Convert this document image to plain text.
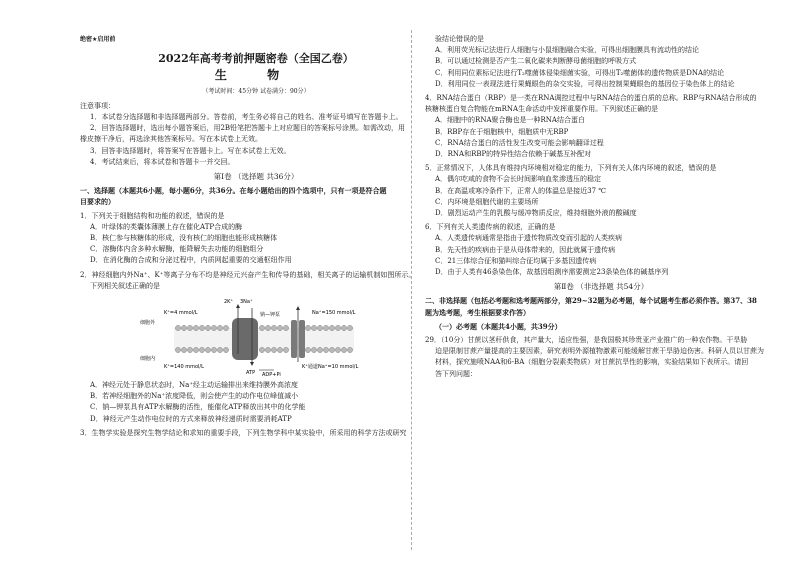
绝密★启用前
2022年高考考前押题密卷（全国乙卷）
生 物
（考试时间：45分钟 试卷满分：90分）

注意事项：

1．本试卷分选择题和非选择题两部分。答卷前，考生务必将自己的姓名、准考证号填写在答题卡上。

2．回答选择题时，选出每小题答案后，用2B铅笔把答题卡上对应题目的答案标号涂黑。如需改动，用

橡皮擦干净后，再选涂其他答案标号。写在本试卷上无效。

3．回答非选择题时，将答案写在答题卡上。写在本试卷上无效。

4．考试结束后，将本试卷和答题卡一并交回。

第Ⅰ卷 （选择题 共36分）

一、选择题（本题共6小题，每小题6分，共36分。在每小题给出的四个选项中，只有一项是符合题

目要求的）

1．下列关于细胞结构和功能的叙述，错误的是

A．叶绿体的类囊体薄膜上存在催化ATP合成的酶

B．核仁参与核糖体的形成，没有核仁的细胞也能形成核糖体

C．溶酶体内含多种水解酶，能降解失去功能的细胞组分

D．在消化酶的合成和分泌过程中，内质网起重要的交通枢纽作用

2．神经细胞内外Na⁺、K⁺等离子分布不均是神经元兴奋产生和传导的基础，相关离子的运输机制如图所示。

下列相关叙述正确的是

细胞外
细胞内
K⁺=4 mmol/L
K⁺=140 mmol/L
Na⁺=150 mmol/L
Na⁺=10 mmol/L
钠—钾泵
K⁺通道
2K⁺ 3Na⁺
ATP ADP+Pi

A．神经元处于静息状态时，Na⁺经主动运输排出来维持膜外高浓度

B．若神经细胞外的Na⁺浓度降低，则会使产生的动作电位峰值减小

C．钠—钾泵具有ATP水解酶的活性，能催化ATP释放出其中的化学能

D．神经元产生动作电位时的方式来释放神经递质时需要消耗ATP

3．生物学实验是探究生物学结论和求知的重要手段，下列生物学科中某实验中，所采用的科学方法或研究

验结论错误的是

A．利用荧光标记法进行人细胞与小鼠细胞融合实验，可得出细胞膜具有流动性的结论

B．可以通过检测是否产生二氧化碳来判断酵母菌细胞的呼吸方式

C．利用同位素标记法进行T₂噬菌体侵染细菌实验，可得出T₂噬菌体的遗传物质是DNA的结论

D．利用同位一表现法进行果蝇眼色的杂交实验，可得出控制果蝇眼色的基因位于染色体上的结论

4．RNA结合蛋白（RBP）是一类在RNA调控过程中与RNA结合的蛋白质的总称。RBP与RNA结合形成的

核糖核蛋白复合物能在mRNA生命活动中发挥重要作用。下列叙述正确的是

A．细胞中的RNA聚合酶也是一种RNA结合蛋白

B．RBP存在于细胞核中，细胞质中无RBP

C．RNA结合蛋白的活性发生改变可能会影响翻译过程

D．RNA和RBP的特异性结合依赖于碱基互补配对

5．正常情况下，人体具有维持内环境相对稳定的能力，下列有关人体内环境的叙述，错误的是

A．偶尔吃咸的食物不会长时间影响血浆渗透压的稳定

B．在高温或寒冷条件下，正常人的体温总是接近37 ℃

C．内环境是细胞代谢的主要场所

D．剧烈运动产生的乳酸与缓冲物质反应，维持细胞外液的酸碱度

6．下列有关人类遗传病的叙述，正确的是

A．人类遗传病通常是指由于遗传物质改变而引起的人类疾病

B．先天性的疾病由于是从母体带来的，因此就属于遗传病

C．21三体综合征和猫叫综合征均属于多基因遗传病

D．由于人类有46条染色体，故基因组测序需要测定23条染色体的碱基序列

第Ⅱ卷 （非选择题 共54分）

二、非选择题（包括必考题和选考题两部分，第29~32题为必考题，每个试题考生都必须作答。第37、38

题为选考题，考生根据要求作答）

（一）必考题（本题共4小题，共39分）

29．（10分）甘蔗以茎秆供食，其产量大，适应性强，是我国极其珍贵亚产业推广的一种农作物。干旱胁

迫是限制甘蔗产量提高的主要因素，研究表明外源植物激素可能缓解甘蔗干旱胁迫伤害。科研人员以甘蔗为

材料，探究施喷NAA和6-BA（细胞分裂素类物质）对甘蔗抗旱性的影响，实验结果如下表所示。请回

答下列问题：
